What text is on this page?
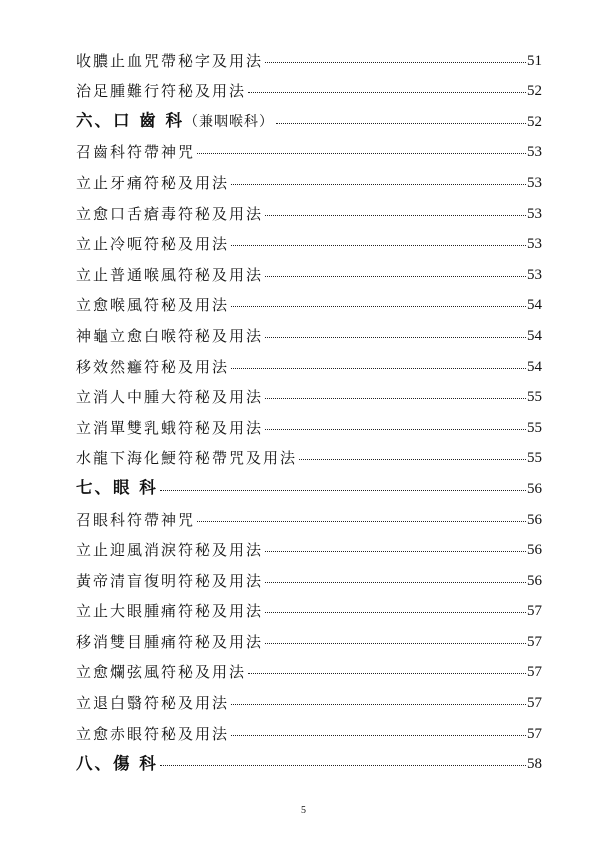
收膿止血咒帶秘字及用法	51
治足腫難行符秘及用法	52
六、口 齒 科（兼咽喉科）	52
召齒科符帶神咒	53
立止牙痛符秘及用法	53
立愈口舌瘡毒符秘及用法	53
立止冷呃符秘及用法	53
立止普通喉風符秘及用法	53
立愈喉風符秘及用法	54
神龜立愈白喉符秘及用法	54
移效然癰符秘及用法	54
立消人中腫大符秘及用法	55
立消單雙乳蛾符秘及用法	55
水龍下海化鯁符秘帶咒及用法	55
七、眼 科	56
召眼科符帶神咒	56
立止迎風消淚符秘及用法	56
黃帝清盲復明符秘及用法	56
立止大眼腫痛符秘及用法	57
移消雙目腫痛符秘及用法	57
立愈爛弦風符秘及用法	57
立退白翳符秘及用法	57
立愈赤眼符秘及用法	57
八、傷 科	58
5
